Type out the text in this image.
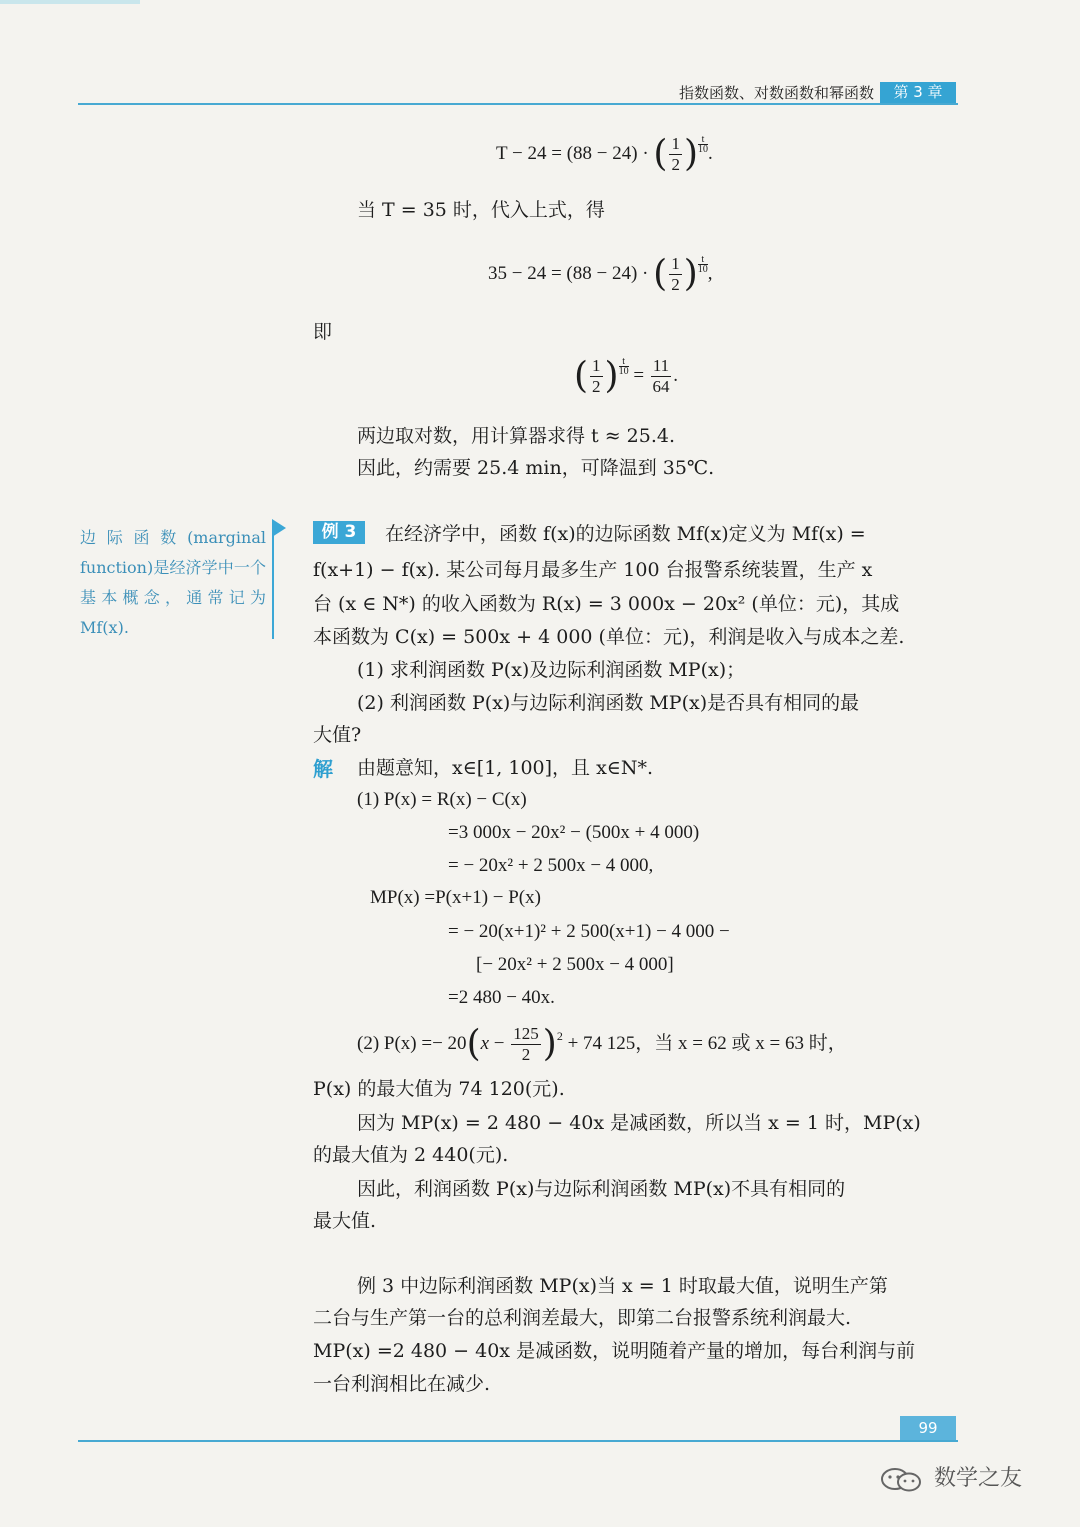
指数函数、对数函数和幂函数	第 3 章
T − 24 = (88 − 24) · ( $\frac{1}{2}$ ) $^{\frac{t}{10}}$ .
当 T = 35 时，代入上式，得
35 − 24 = (88 − 24) · ( $\frac{1}{2}$ ) $^{\frac{t}{10}}$ ,
即
( $\frac{1}{2}$ ) $^{\frac{t}{10}} = \frac{11}{64}$ .
两边取对数，用计算器求得 t ≈ 25.4.
因此，约需要 25.4 min，可降温到 35℃.
边际函数(marginal function)是经济学中一个基本概念，通常记为Mf(x).
例 3	在经济学中，函数 f(x)的边际函数 Mf(x)定义为 Mf(x) =
f(x+1) − f(x). 某公司每月最多生产 100 台报警系统装置，生产 x
台 (x ∈ N*) 的收入函数为 R(x) = 3 000x − 20x² (单位：元)，其成
本函数为 C(x) = 500x + 4 000 (单位：元)，利润是收入与成本之差.
(1) 求利润函数 P(x)及边际利润函数 MP(x)；
(2) 利润函数 P(x)与边际利润函数 MP(x)是否具有相同的最
大值?
解 由题意知，x∈[1, 100]，且 x∈N*.
(1) P(x) = R(x) − C(x)
=3 000x − 20x² − (500x + 4 000)
= − 20x² + 2 500x − 4 000,
MP(x) =P(x+1) − P(x)
= − 20(x+1)² + 2 500(x+1) − 4 000 −
[− 20x² + 2 500x − 4 000]
=2 480 − 40x.
(2) $P(x) =- 20(x - \frac{125}{2} )^2 + 74$ 125，当 x = 62 或 x = 63 时，
P(x) 的最大值为 74 120(元).
因为 MP(x) = 2 480 − 40x 是减函数，所以当 x = 1 时，MP(x)
的最大值为 2 440(元).
因此，利润函数 P(x)与边际利润函数 MP(x)不具有相同的
最大值.
例 3 中边际利润函数 MP(x)当 x = 1 时取最大值，说明生产第
二台与生产第一台的总利润差最大，即第二台报警系统利润最大.
MP(x) =2 480 − 40x 是减函数，说明随着产量的增加，每台利润与前
一台利润相比在减少.
99
数学之友
